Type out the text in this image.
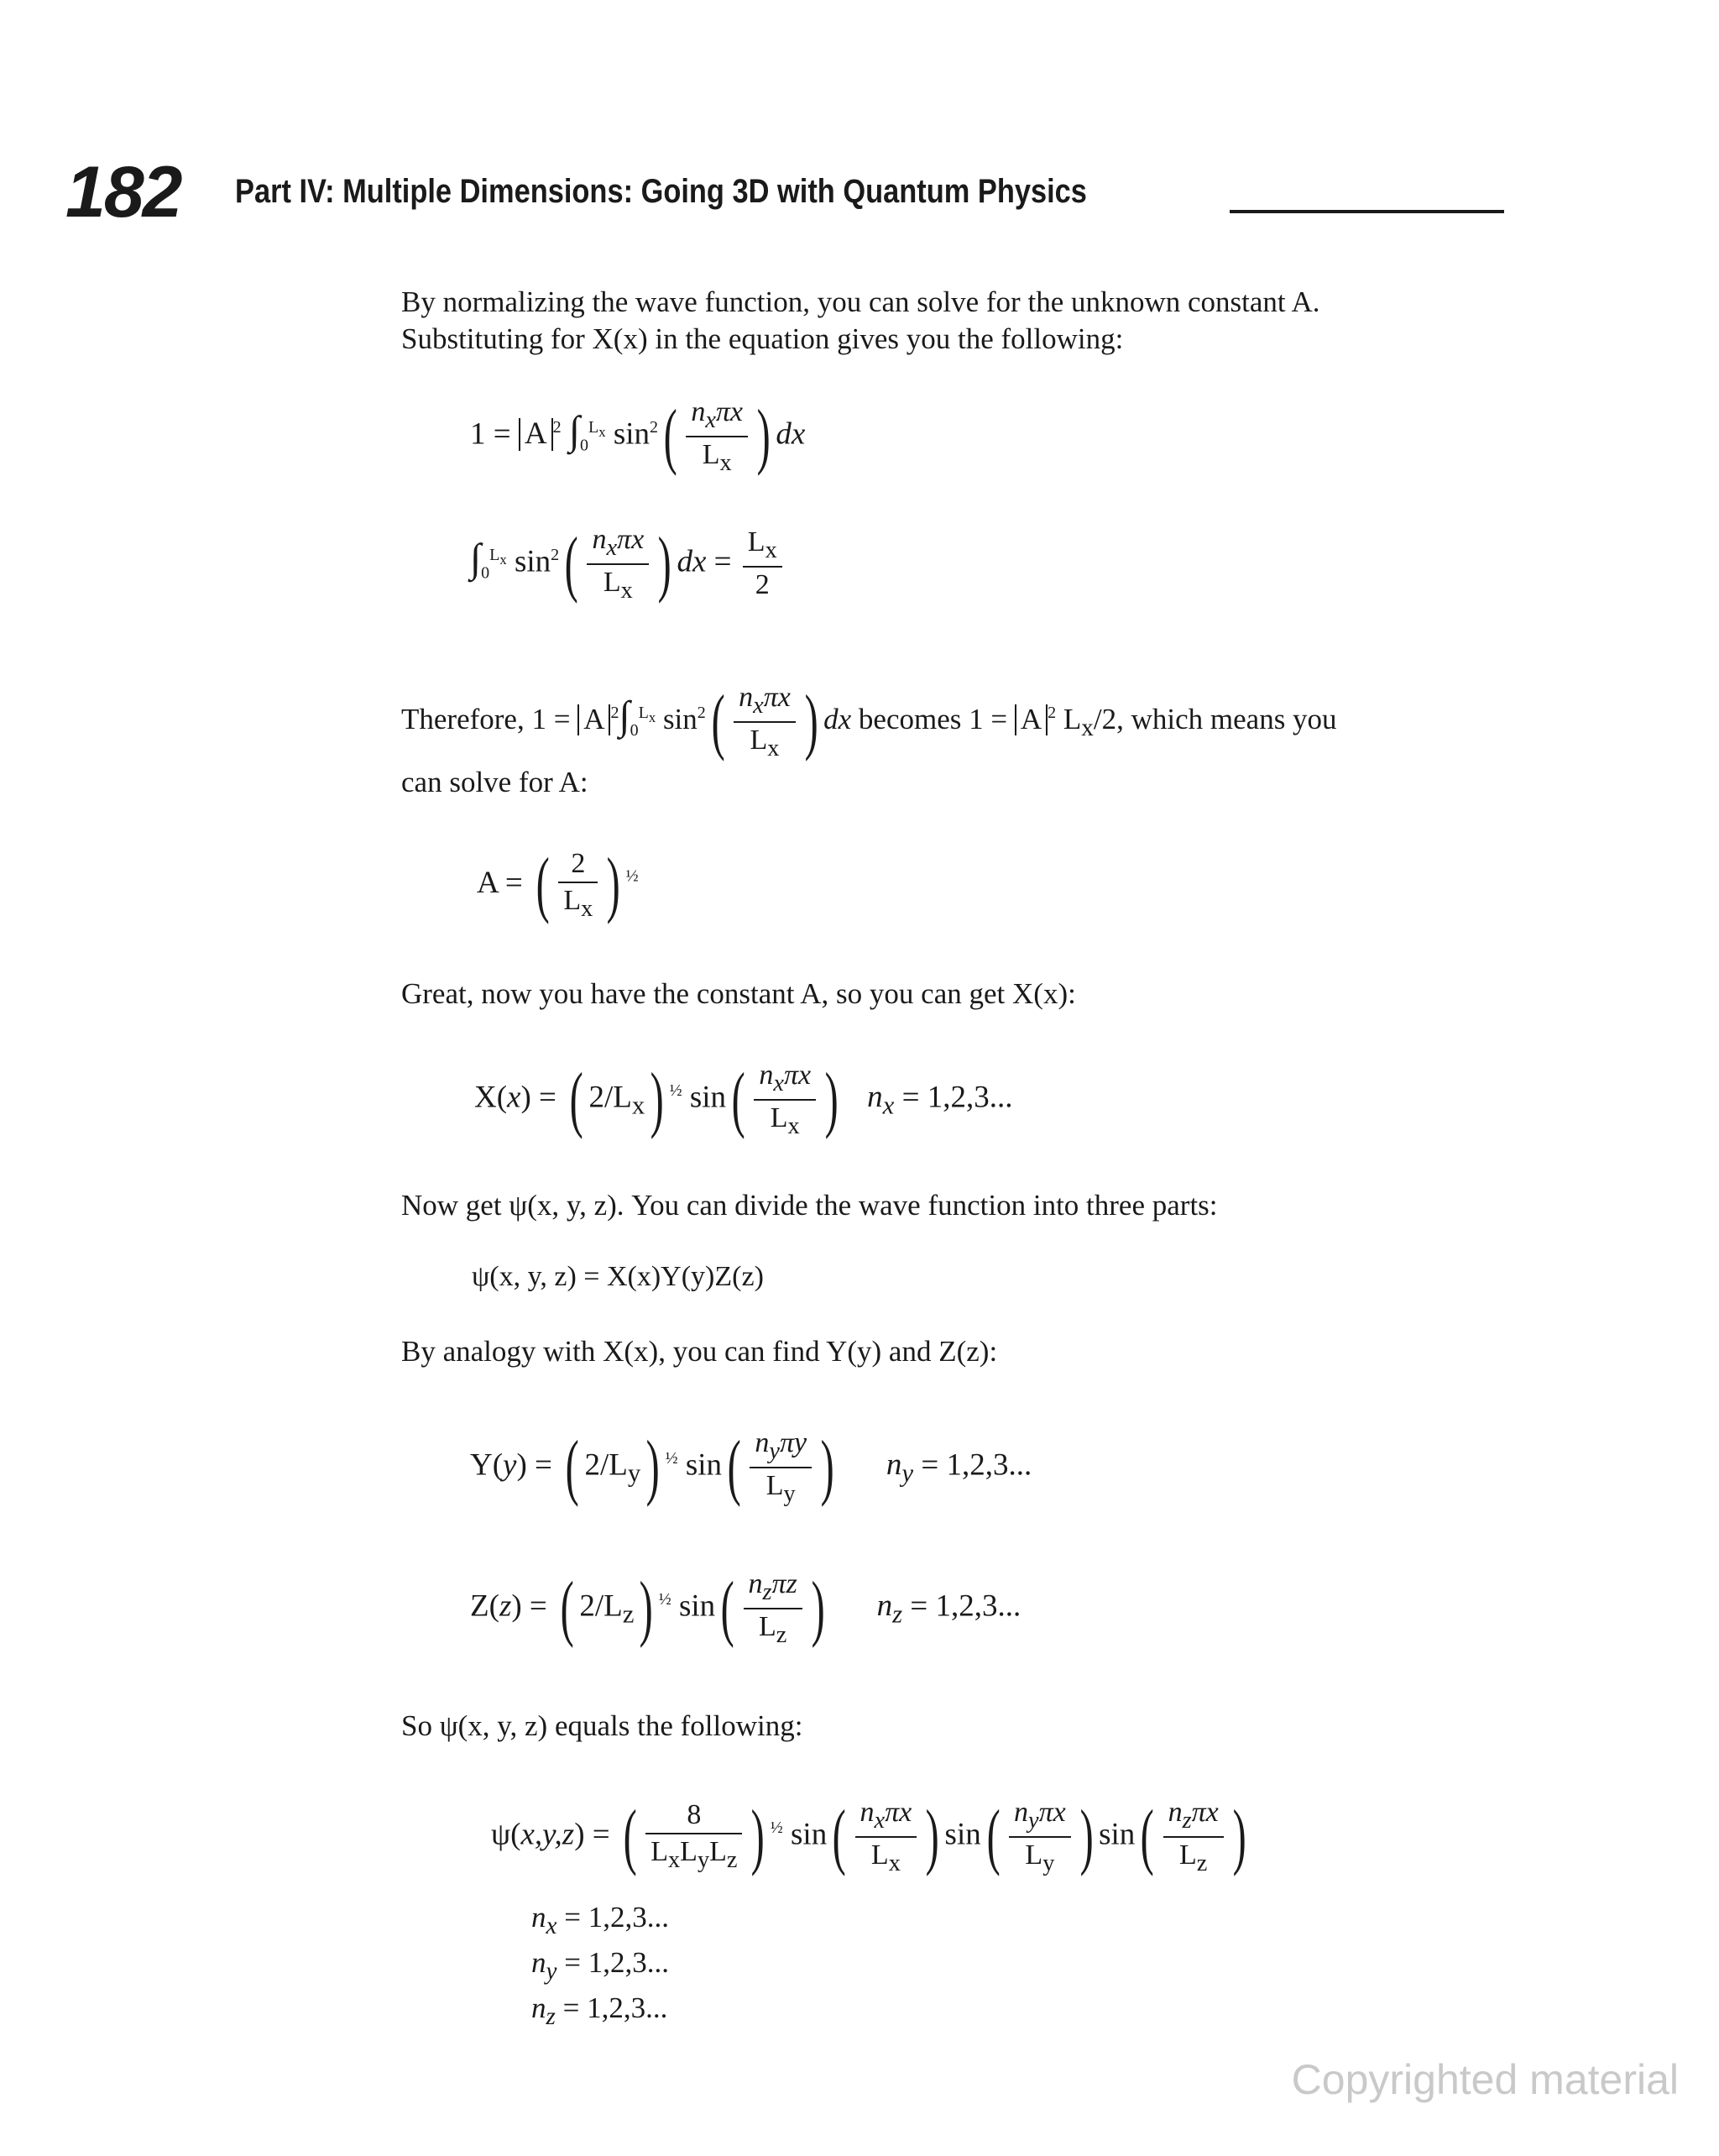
182 Part IV: Multiple Dimensions: Going 3D with Quantum Physics
By normalizing the wave function, you can solve for the unknown constant A.
Substituting for X(x) in the equation gives you the following:
1 = A $^2$ $\int_0^{L_x}$ $\sin^2( \frac{n_x\pi x}{L_x}$ ) dx
$\int_0^{L_x}$ $\sin^2( \frac{n_x\pi x}{L_x}$ ) dx = $\frac{L_x}{2}$
Therefore, 1 = A $^2\int_0^{L_x}$ $\sin^2( \frac{n_x\pi x}{L_x}$ ) dx becomes 1 = A $^2$ $L_x/2$, which means you
can solve for A:
A = ( $\frac{2}{L_x}$ ) $^{\frac{1}{2}}$
Great, now you have the constant A, so you can get X(x):
X(x) = ( $2/L_x$) $^{\frac{1}{2}}$ $\sin( \frac{n_x\pi x}{L_x}$ ) $n_x = 1,2,3$...
Now get ψ(x, y, z). You can divide the wave function into three parts:
ψ(x, y, z) = X(x)Y(y)Z(z)
By analogy with X(x), you can find Y(y) and Z(z):
Y(y) = ( $2/L_y$) $^{\frac{1}{2}}$ $\sin( \frac{n_y\pi y}{L_y}$ ) $n_y = 1,2,3$...
Z(z) = ( $2/L_z$) $^{\frac{1}{2}}$ $\sin( \frac{n_z\pi z}{L_z}$ ) $n_z = 1,2,3$...
So ψ(x, y, z) equals the following:
ψ(x,y,z) = ( $\frac{8}{L_xL_yL_z}$ ) $^{\frac{1}{2}}$ $\sin( \frac{n_x\pi x}{L_x}$ ) $\sin( \frac{n_y\pi x}{L_y}$ ) $\sin( \frac{n_z\pi x}{L_z}$ )
$n_x = 1,2,3$...
$n_y = 1,2,3$...
$n_z = 1,2,3$...
Copyrighted material
